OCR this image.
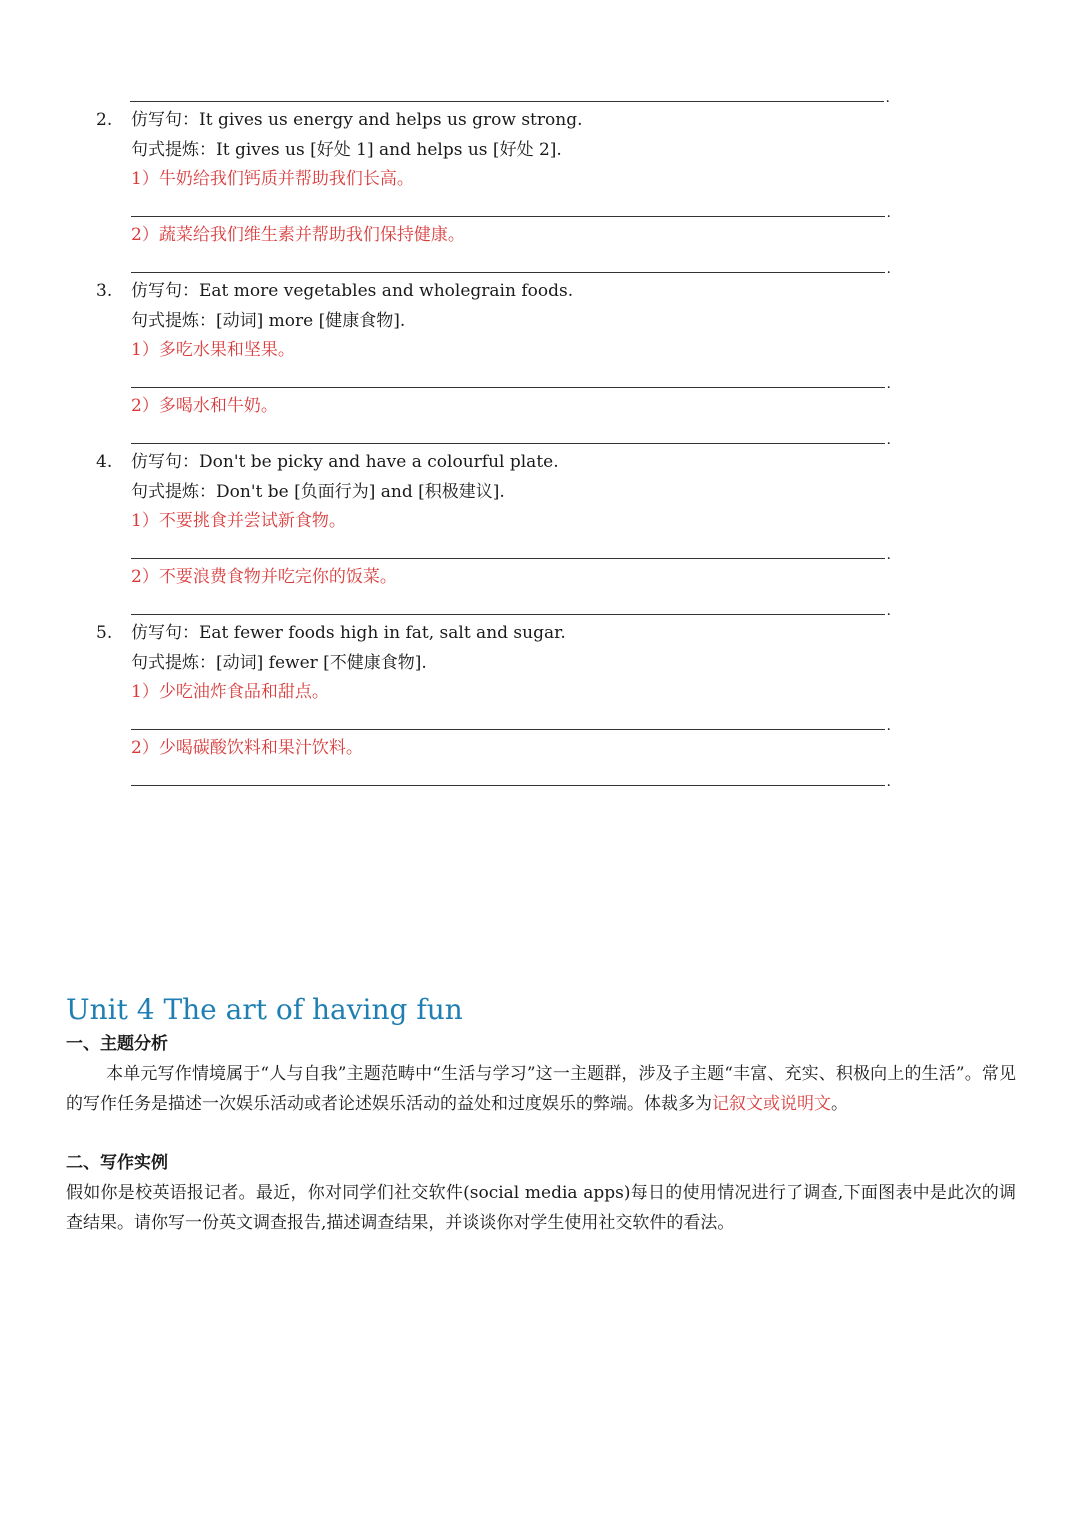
.
2. 仿写句：It gives us energy and helps us grow strong.
句式提炼：It gives us [好处 1] and helps us [好处 2].
1）牛奶给我们钙质并帮助我们长高。
.
2）蔬菜给我们维生素并帮助我们保持健康。
.
3. 仿写句：Eat more vegetables and wholegrain foods.
句式提炼：[动词] more [健康食物].
1）多吃水果和坚果。
.
2）多喝水和牛奶。
.
4. 仿写句：Don't be picky and have a colourful plate.
句式提炼：Don't be [负面行为] and [积极建议].
1）不要挑食并尝试新食物。
.
2）不要浪费食物并吃完你的饭菜。
.
5. 仿写句：Eat fewer foods high in fat, salt and sugar.
句式提炼：[动词] fewer [不健康食物].
1）少吃油炸食品和甜点。
.
2）少喝碳酸饮料和果汁饮料。
.
Unit 4 The art of having fun
一、主题分析
本单元写作情境属于“人与自我”主题范畴中“生活与学习”这一主题群，涉及子主题“丰富、充实、积极向上的生活”。常见的写作任务是描述一次娱乐活动或者论述娱乐活动的益处和过度娱乐的弊端。体裁多为记叙文或说明文。
二、写作实例
假如你是校英语报记者。最近，你对同学们社交软件(social media apps)每日的使用情况进行了调查,下面图表中是此次的调查结果。请你写一份英文调查报告,描述调查结果，并谈谈你对学生使用社交软件的看法。
